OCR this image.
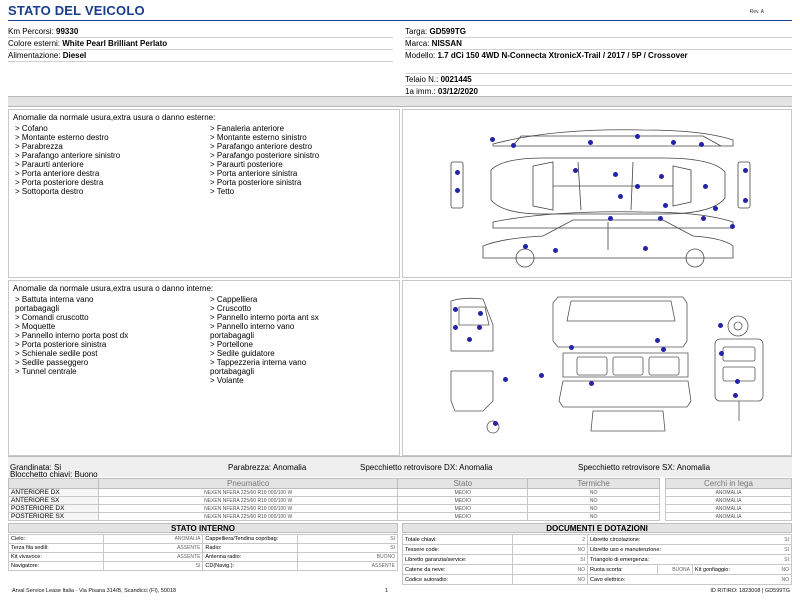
STATO DEL VEICOLO	Rev. A
Km Percorsi: 99330
Colore esterni: White Pearl Brilliant Perlato
Alimentazione: Diesel
Targa: GD599TG
Marca: NISSAN
Modello: 1.7 dCi 150 4WD N-Connecta XtronicX-Trail / 2017 / 5P / Crossover
Telaio N.: 0021445
1a imm.: 03/12/2020
Anomalie da normale usura,extra usura o danno esterne:
> Cofano
> Montante esterno destro
> Parabrezza
> Parafango anteriore sinistro
> Paraurti anteriore
> Porta anteriore destra
> Porta posteriore destra
> Sottoporta destro
> Fanaleria anteriore
> Montante esterno sinistro
> Parafango anteriore destro
> Parafango posteriore sinistro
> Paraurti posteriore
> Porta anteriore sinistra
> Porta posteriore sinistra
> Tetto
Anomalie da normale usura,extra usura o danno interne:
> Battuta interna vano
portabagagli
> Comandi cruscotto
> Moquette
> Pannello interno porta post dx
> Porta posteriore sinistra
> Schienale sedile post
> Sedile passeggero
> Tunnel centrale
> Cappelliera
> Cruscotto
> Pannello interno porta ant sx
> Pannello interno vano
portabagagli
> Portellone
> Sedile guidatore
> Tappezzeria interna vano
portabagagli
> Volante
Grandinata: Si
Blocchetto chiavi: Buono
Parabrezza: Anomalia	Specchietto retrovisore DX: Anomalia	Specchietto retrovisore SX: Anomalia
	Pneumatico	Stato	Termiche
ANTERIORE DX	NEXEN NFERA 225/60 R18 000/100 W	MEDIO	NO
ANTERIORE SX	NEXEN NFERA 225/60 R18 000/100 W	MEDIO	NO
POSTERIORE DX	NEXEN NFERA 225/60 R18 000/100 W	MEDIO	NO
POSTERIORE SX	NEXEN NFERA 225/60 R18 000/100 W	MEDIO	NO
Cerchi in lega
ANOMALIA
ANOMALIA
ANOMALIA
ANOMALIA
STATO INTERNO
Cielo:	ANOMALIA	Cappelliera/Tendina copribag:	SI
Terza fila sedili:	ASSENTE	Radio:	SI
Kit vivavoce:	ASSENTE	Antenna radio:	BUONO
Navigatore:	SI	CD(Navig.):	ASSENTE
DOCUMENTI E DOTAZIONI
Totale chiavi:	2	Libretto circolazione:	SI

Tessere code:	NO	Libretto uso e manutenzione:	SI

Libretto garanzia/service:	SI	Triangolo di emergenza:	SI

Catene da neve:	NO	Ruota scorta:	BUONA	Kit gonfiaggio:	NO

Codice autoradio:	NO	Cavo elettrico:	NO
Arval Service Lease Italia - Via Pisana 314/B, Scandicci (FI), 50018	1	ID RITIRO: 1823008 | GD599TG
